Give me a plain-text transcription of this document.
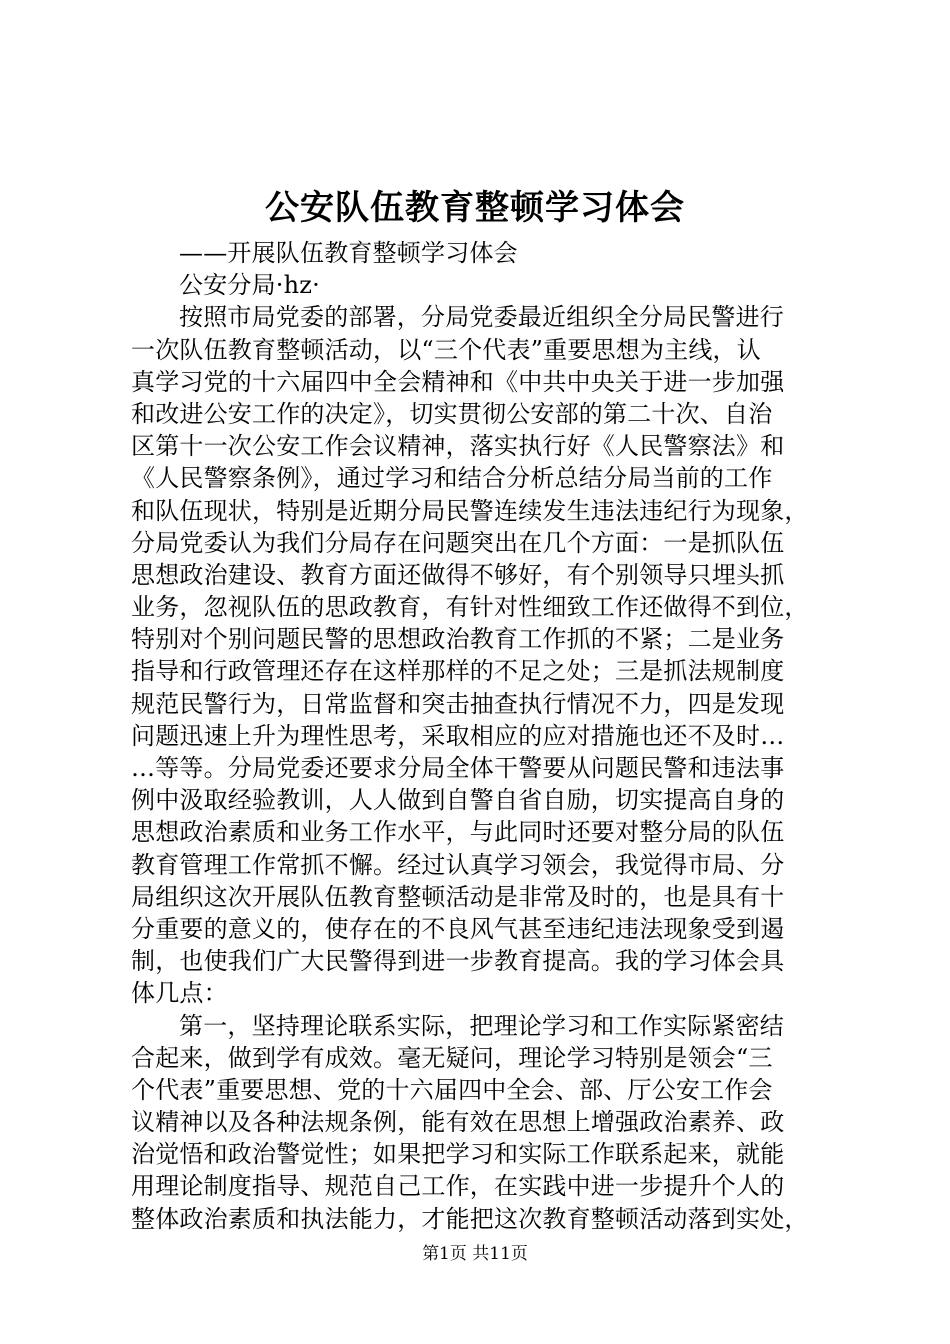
公安队伍教育整顿学习体会
——开展队伍教育整顿学习体会
公安分局·hz·
按照市局党委的部署，分局党委最近组织全分局民警进行
一次队伍教育整顿活动，以“三个代表”重要思想为主线，认
真学习党的十六届四中全会精神和《中共中央关于进一步加强
和改进公安工作的决定》，切实贯彻公安部的第二十次、自治
区第十一次公安工作会议精神，落实执行好《人民警察法》和
《人民警察条例》，通过学习和结合分析总结分局当前的工作
和队伍现状，特别是近期分局民警连续发生违法违纪行为现象，
分局党委认为我们分局存在问题突出在几个方面：一是抓队伍
思想政治建设、教育方面还做得不够好，有个别领导只埋头抓
业务，忽视队伍的思政教育，有针对性细致工作还做得不到位，
特别对个别问题民警的思想政治教育工作抓的不紧；二是业务
指导和行政管理还存在这样那样的不足之处；三是抓法规制度
规范民警行为，日常监督和突击抽查执行情况不力，四是发现
问题迅速上升为理性思考，采取相应的应对措施也还不及时…
…等等。分局党委还要求分局全体干警要从问题民警和违法事
例中汲取经验教训，人人做到自警自省自励，切实提高自身的
思想政治素质和业务工作水平，与此同时还要对整分局的队伍
教育管理工作常抓不懈。经过认真学习领会，我觉得市局、分
局组织这次开展队伍教育整顿活动是非常及时的，也是具有十
分重要的意义的，使存在的不良风气甚至违纪违法现象受到遏
制，也使我们广大民警得到进一步教育提高。我的学习体会具
体几点：
第一，坚持理论联系实际，把理论学习和工作实际紧密结
合起来，做到学有成效。毫无疑问，理论学习特别是领会“三
个代表”重要思想、党的十六届四中全会、部、厅公安工作会
议精神以及各种法规条例，能有效在思想上增强政治素养、政
治觉悟和政治警觉性；如果把学习和实际工作联系起来，就能
用理论制度指导、规范自己工作，在实践中进一步提升个人的
整体政治素质和执法能力，才能把这次教育整顿活动落到实处，
第1页 共11页
